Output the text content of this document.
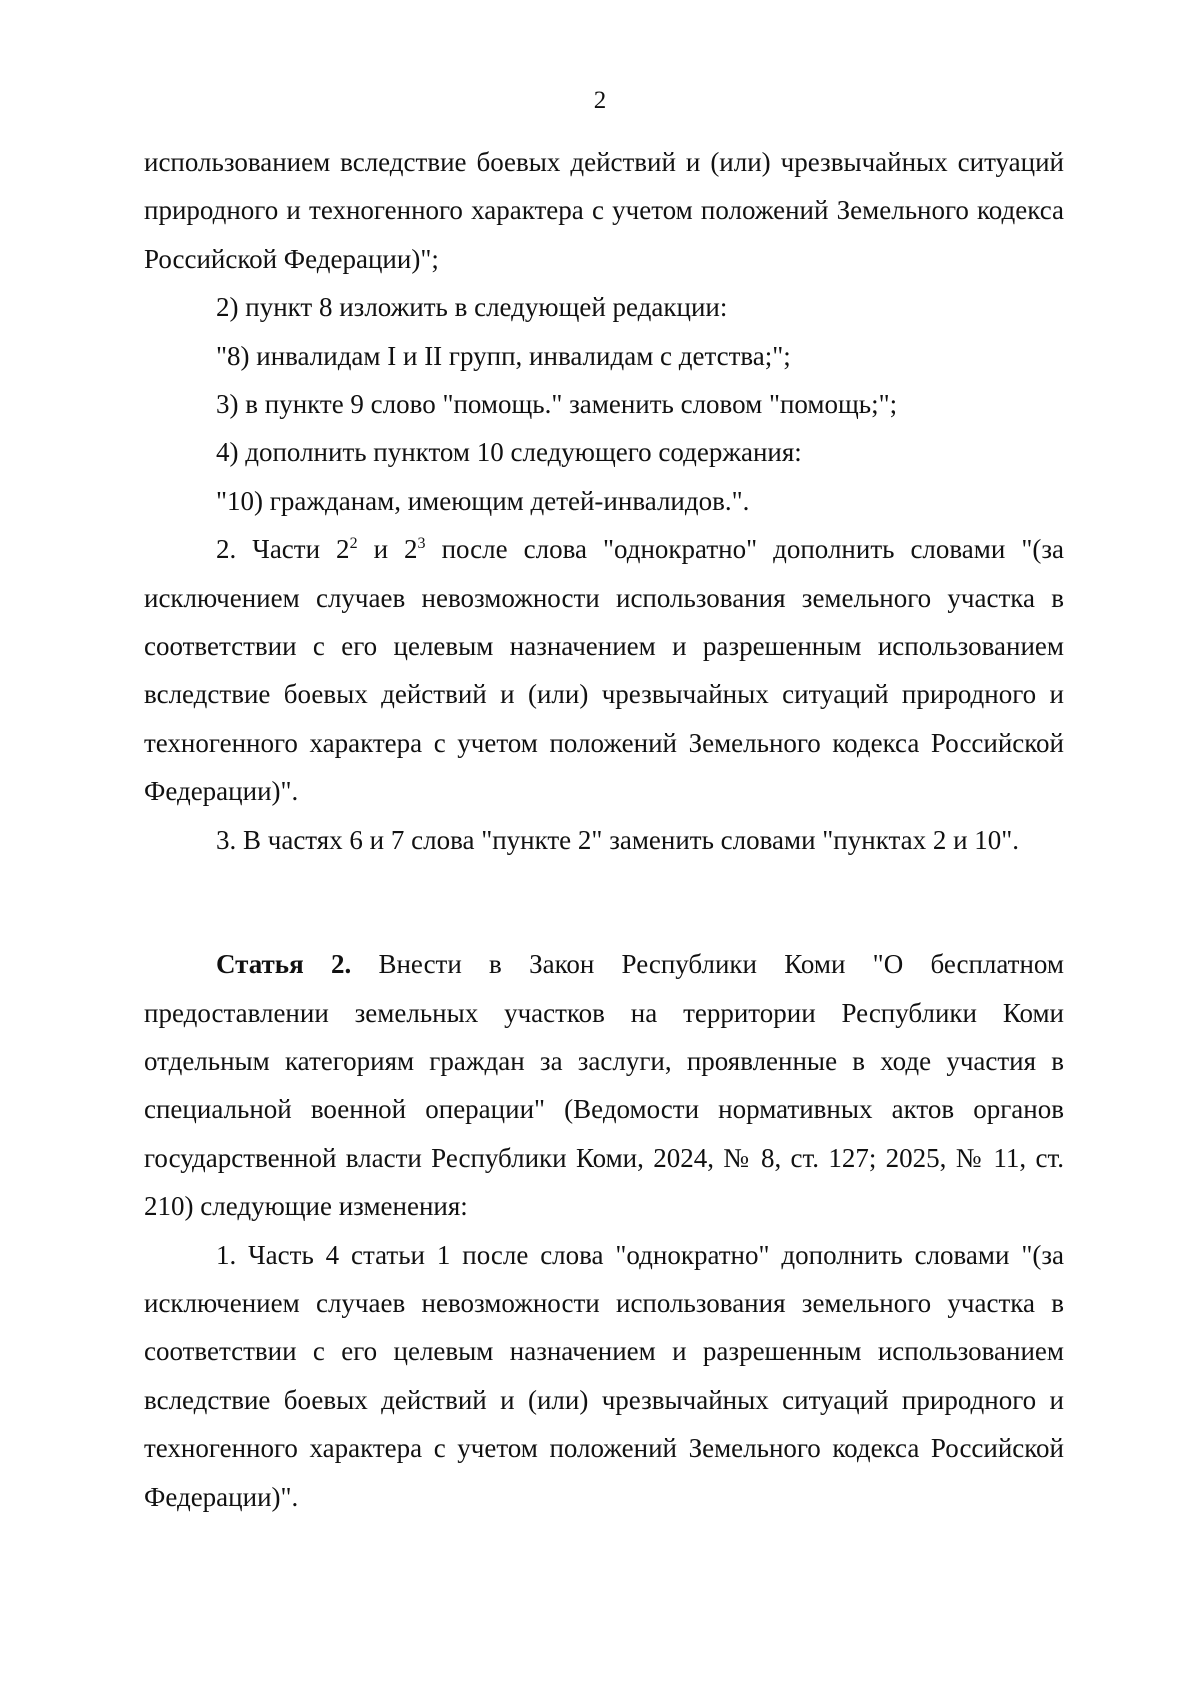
2

использованием вследствие боевых действий и (или) чрезвычайных ситуаций природного и техногенного характера с учетом положений Земельного кодекса Российской Федерации)";

2) пункт 8 изложить в следующей редакции:

"8) инвалидам I и II групп, инвалидам с детства;";

3) в пункте 9 слово "помощь." заменить словом "помощь;";

4) дополнить пунктом 10 следующего содержания:

"10) гражданам, имеющим детей-инвалидов.".

2. Части $2^2$ и $2^3$ после слова "однократно" дополнить словами "(за исключением случаев невозможности использования земельного участка в соответствии с его целевым назначением и разрешенным использованием вследствие боевых действий и (или) чрезвычайных ситуаций природного и техногенного характера с учетом положений Земельного кодекса Российской Федерации)".

3. В частях 6 и 7 слова "пункте 2" заменить словами "пунктах 2 и 10".

Статья 2. Внести в Закон Республики Коми "О бесплатном предоставлении земельных участков на территории Республики Коми отдельным категориям граждан за заслуги, проявленные в ходе участия в специальной военной операции" (Ведомости нормативных актов органов государственной власти Республики Коми, 2024, № 8, ст. 127; 2025, № 11, ст. 210) следующие изменения:

1. Часть 4 статьи 1 после слова "однократно" дополнить словами "(за исключением случаев невозможности использования земельного участка в соответствии с его целевым назначением и разрешенным использованием вследствие боевых действий и (или) чрезвычайных ситуаций природного и техногенного характера с учетом положений Земельного кодекса Российской Федерации)".
